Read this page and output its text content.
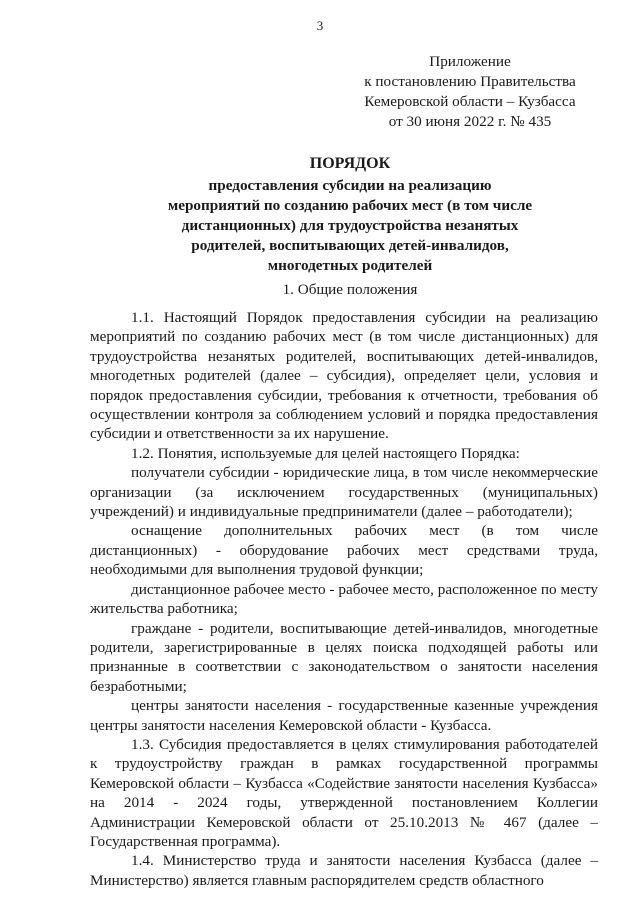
3
Приложение
к постановлению Правительства
Кемеровской области – Кузбасса
от 30 июня 2022 г. № 435
ПОРЯДОК
предоставления субсидии на реализацию
мероприятий по созданию рабочих мест (в том числе
дистанционных) для трудоустройства незанятых
родителей, воспитывающих детей-инвалидов,
многодетных родителей
1. Общие положения

1.1. Настоящий Порядок предоставления субсидии на реализацию мероприятий по созданию рабочих мест (в том числе дистанционных) для трудоустройства незанятых родителей, воспитывающих детей-инвалидов, многодетных родителей (далее – субсидия), определяет цели, условия и порядок предоставления субсидии, требования к отчетности, требования об осуществлении контроля за соблюдением условий и порядка предоставления субсидии и ответственности за их нарушение.

1.2. Понятия, используемые для целей настоящего Порядка:

получатели субсидии - юридические лица, в том числе некоммерческие организации (за исключением государственных (муниципальных) учреждений) и индивидуальные предприниматели (далее – работодатели);

оснащение дополнительных рабочих мест (в том числе дистанционных) - оборудование рабочих мест средствами труда, необходимыми для выполнения трудовой функции;

дистанционное рабочее место - рабочее место, расположенное по месту жительства работника;

граждане - родители, воспитывающие детей-инвалидов, многодетные родители, зарегистрированные в целях поиска подходящей работы или признанные в соответствии с законодательством о занятости населения безработными;

центры занятости населения - государственные казенные учреждения центры занятости населения Кемеровской области - Кузбасса.

1.3. Субсидия предоставляется в целях стимулирования работодателей к трудоустройству граждан в рамках государственной программы Кемеровской области – Кузбасса «Содействие занятости населения Кузбасса» на 2014 - 2024 годы, утвержденной постановлением Коллегии Администрации Кемеровской области от 25.10.2013 № 467 (далее – Государственная программа).

1.4. Министерство труда и занятости населения Кузбасса (далее – Министерство) является главным распорядителем средств областного
